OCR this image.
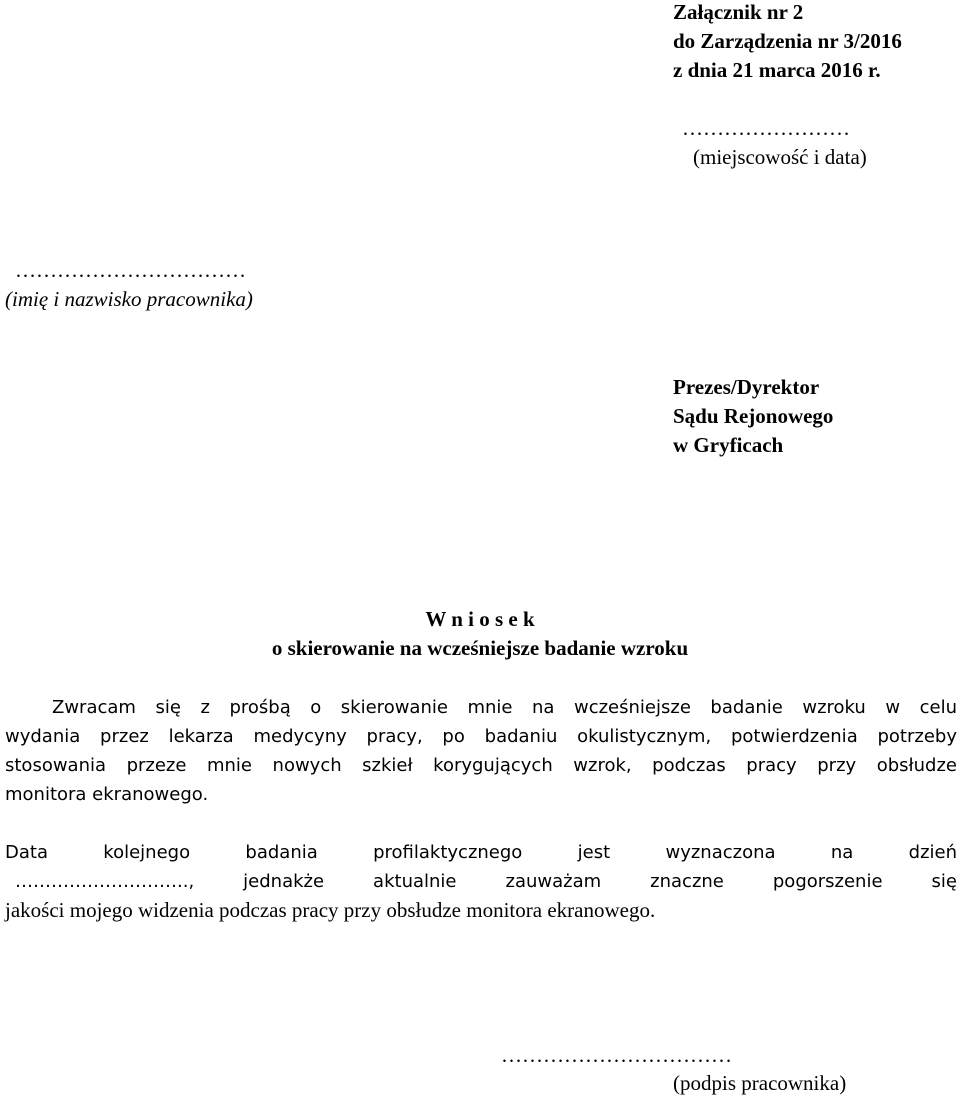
Załącznik nr 2
do Zarządzenia nr 3/2016
z dnia 21 marca 2016 r.
……………………
(miejscowość i data)
……………………………
(imię i nazwisko pracownika)
Prezes/Dyrektor
Sądu Rejonowego
w Gryficach
W n i o s e k
o skierowanie na wcześniejsze badanie wzroku
Zwracam się z prośbą o skierowanie mnie na wcześniejsze badanie wzroku w celu
wydania przez lekarza medycyny pracy, po badaniu okulistycznym, potwierdzenia potrzeby
stosowania przeze mnie nowych szkieł korygujących wzrok, podczas pracy przy obsłudze
monitora ekranowego.
Data kolejnego badania profilaktycznego jest wyznaczona na dzień
……………………….., jednakże aktualnie zauważam znaczne pogorszenie się
jakości mojego widzenia podczas pracy przy obsłudze monitora ekranowego.
……………………………
(podpis pracownika)
